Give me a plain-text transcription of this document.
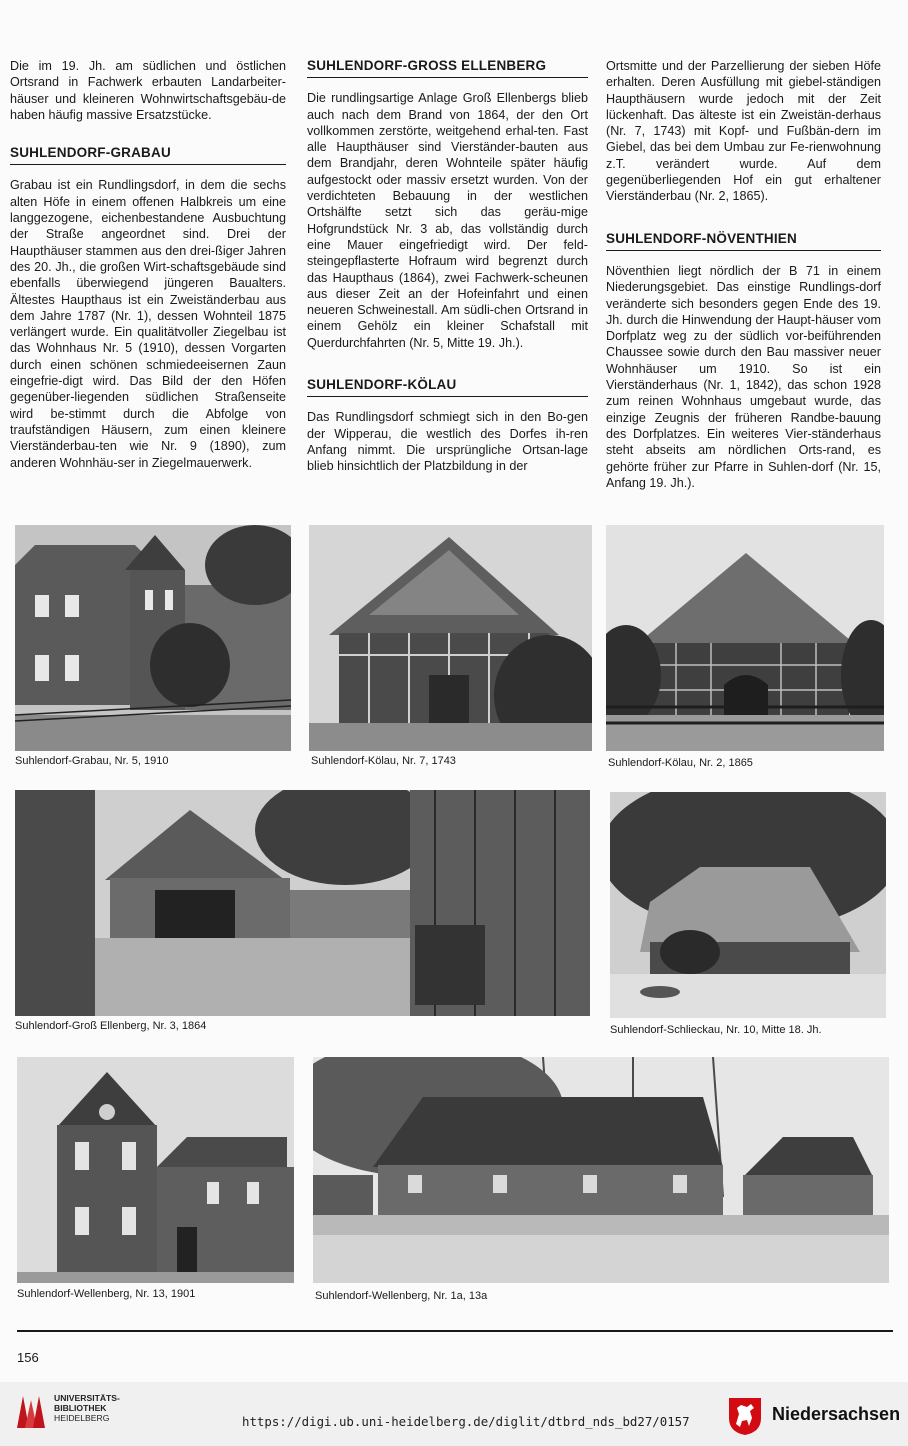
Die im 19. Jh. am südlichen und östlichen Ortsrand in Fachwerk erbauten Landarbeiter-häuser und kleineren Wohnwirtschaftsgebäu-de haben häufig massive Ersatzstücke.

SUHLENDORF-GRABAU

Grabau ist ein Rundlingsdorf, in dem die sechs alten Höfe in einem offenen Halbkreis um eine langgezogene, eichenbestandene Ausbuchtung der Straße angeordnet sind. Drei der Haupthäuser stammen aus den drei-ßiger Jahren des 20. Jh., die großen Wirt-schaftsgebäude sind ebenfalls überwiegend jüngeren Baualters. Ältestes Haupthaus ist ein Zweiständerbau aus dem Jahre 1787 (Nr. 1), dessen Wohnteil 1875 verlängert wurde. Ein qualitätvoller Ziegelbau ist das Wohnhaus Nr. 5 (1910), dessen Vorgarten durch einen schönen schmiedeeisernen Zaun eingefrie-digt wird. Das Bild der den Höfen gegenüber-liegenden südlichen Straßenseite wird be-stimmt durch die Abfolge von traufständigen Häusern, zum einen kleinere Vierständerbau-ten wie Nr. 9 (1890), zum anderen Wohnhäu-ser in Ziegelmauerwerk.

SUHLENDORF-GROSS ELLENBERG

Die rundlingsartige Anlage Groß Ellenbergs blieb auch nach dem Brand von 1864, der den Ort vollkommen zerstörte, weitgehend erhal-ten. Fast alle Haupthäuser sind Vierständer-bauten aus dem Brandjahr, deren Wohnteile später häufig aufgestockt oder massiv ersetzt wurden. Von der verdichteten Bebauung in der westlichen Ortshälfte setzt sich das geräu-mige Hofgrundstück Nr. 3 ab, das vollständig durch eine Mauer eingefriedigt wird. Der feld-steingepflasterte Hofraum wird begrenzt durch das Haupthaus (1864), zwei Fachwerk-scheunen aus dieser Zeit an der Hofeinfahrt und einen neueren Schweinestall. Am südli-chen Ortsrand in einem Gehölz ein kleiner Schafstall mit Querdurchfahrten (Nr. 5, Mitte 19. Jh.).

SUHLENDORF-KÖLAU

Das Rundlingsdorf schmiegt sich in den Bo-gen der Wipperau, die westlich des Dorfes ih-ren Anfang nimmt. Die ursprüngliche Ortsan-lage blieb hinsichtlich der Platzbildung in der

Ortsmitte und der Parzellierung der sieben Höfe erhalten. Deren Ausfüllung mit giebel-ständigen Haupthäusern wurde jedoch mit der Zeit lückenhaft. Das älteste ist ein Zweistän-derhaus (Nr. 7, 1743) mit Kopf- und Fußbän-dern im Giebel, das bei dem Umbau zur Fe-rienwohnung z.T. verändert wurde. Auf dem gegenüberliegenden Hof ein gut erhaltener Vierständerbau (Nr. 2, 1865).

SUHLENDORF-NÖVENTHIEN

Növenthien liegt nördlich der B 71 in einem Niederungsgebiet. Das einstige Rundlings-dorf veränderte sich besonders gegen Ende des 19. Jh. durch die Hinwendung der Haupt-häuser vom Dorfplatz weg zu der südlich vor-beiführenden Chaussee sowie durch den Bau massiver neuer Wohnhäuser um 1910. So ist ein Vierständerhaus (Nr. 1, 1842), das schon 1928 zum reinen Wohnhaus umgebaut wurde, das einzige Zeugnis der früheren Randbe-bauung des Dorfplatzes. Ein weiteres Vier-ständerhaus steht abseits am nördlichen Orts-rand, es gehörte früher zur Pfarre in Suhlen-dorf (Nr. 15, Anfang 19. Jh.).

Suhlendorf-Grabau, Nr. 5, 1910	Suhlendorf-Kölau, Nr. 7, 1743	Suhlendorf-Kölau, Nr. 2, 1865
Suhlendorf-Groß Ellenberg, Nr. 3, 1864	Suhlendorf-Schlieckau, Nr. 10, Mitte 18. Jh.
Suhlendorf-Wellenberg, Nr. 13, 1901	Suhlendorf-Wellenberg, Nr. 1a, 13a
156
UNIVERSITÄTS-
BIBLIOTHEK
HEIDELBERG	https://digi.ub.uni-heidelberg.de/diglit/dtbrd_nds_bd27/0157	Niedersachsen
